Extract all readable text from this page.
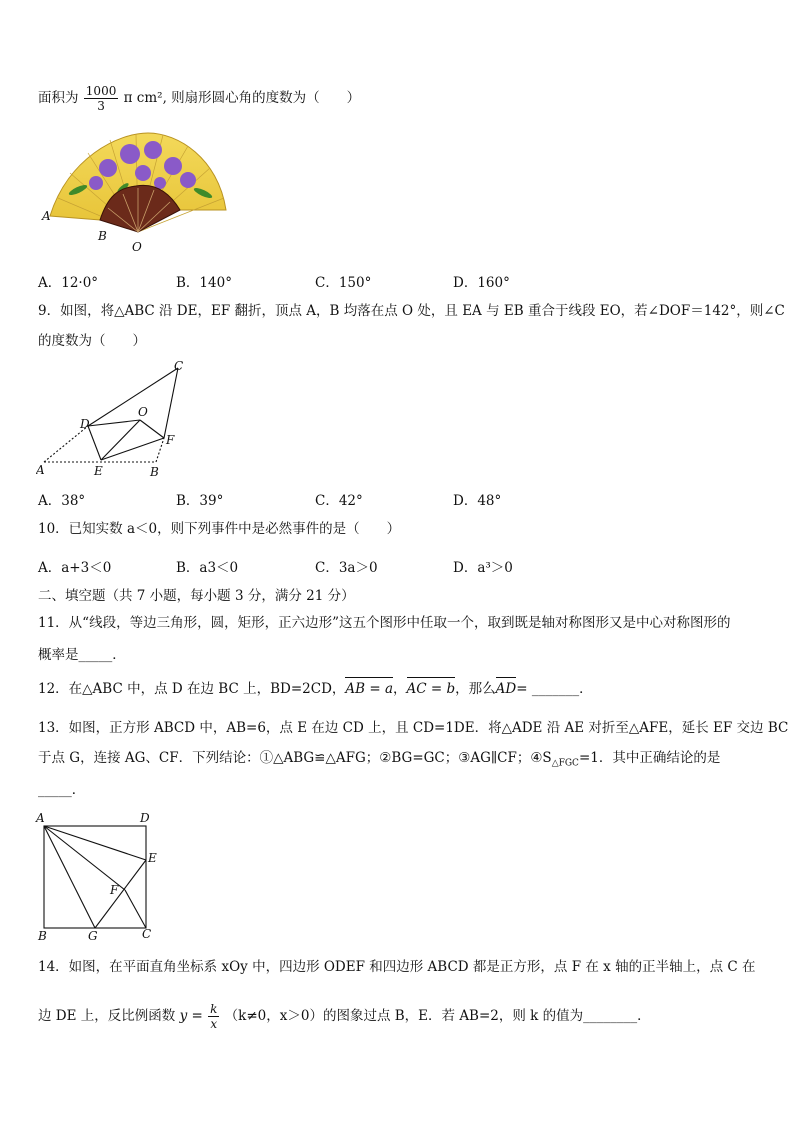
面积为 $\frac{1000}{3}$ π cm², 则扇形圆心角的度数为（　　）
A
B
O
A．12·0°	B．140°	C．150°	D．160°
9．如图，将△ABC 沿 DE，EF 翻折，顶点 A，B 均落在点 O 处，且 EA 与 EB 重合于线段 EO，若∠DOF＝142°，则∠C
的度数为（　　）
A	B
C
D
E
F
O
A．38°	B．39°	C．42°	D．48°
10．已知实数 a＜0，则下列事件中是必然事件的是（　　）
A．a+3＜0	B．a3＜0	C．3a＞0	D．a³＞0
二、填空题（共 7 小题，每小题 3 分，满分 21 分）
11．从“线段，等边三角形，圆，矩形，正六边形”这五个图形中任取一个，取到既是轴对称图形又是中心对称图形的
概率是_____．
12．在△ABC 中，点 D 在边 BC 上，BD=2CD，AB = a，AC = b，那么AD= _______．
13．如图，正方形 ABCD 中，AB=6，点 E 在边 CD 上，且 CD=1DE．将△ADE 沿 AE 对折至△AFE，延长 EF 交边 BC
于点 G，连接 AG、CF．下列结论：①△ABG≌△AFG；②BG=GC；③AG∥CF；$④S_{\triangle FGC}=1$．其中正确结论的是
_____．
A	D
E
F
B	G	C
14．如图，在平面直角坐标系 xOy 中，四边形 ODEF 和四边形 ABCD 都是正方形，点 F 在 x 轴的正半轴上，点 C 在
边 DE 上，反比例函数 $y = \frac{k}{x} (k\ne 0$，x＞0）的图象过点 B，E．若 AB=2，则 k 的值为________．
